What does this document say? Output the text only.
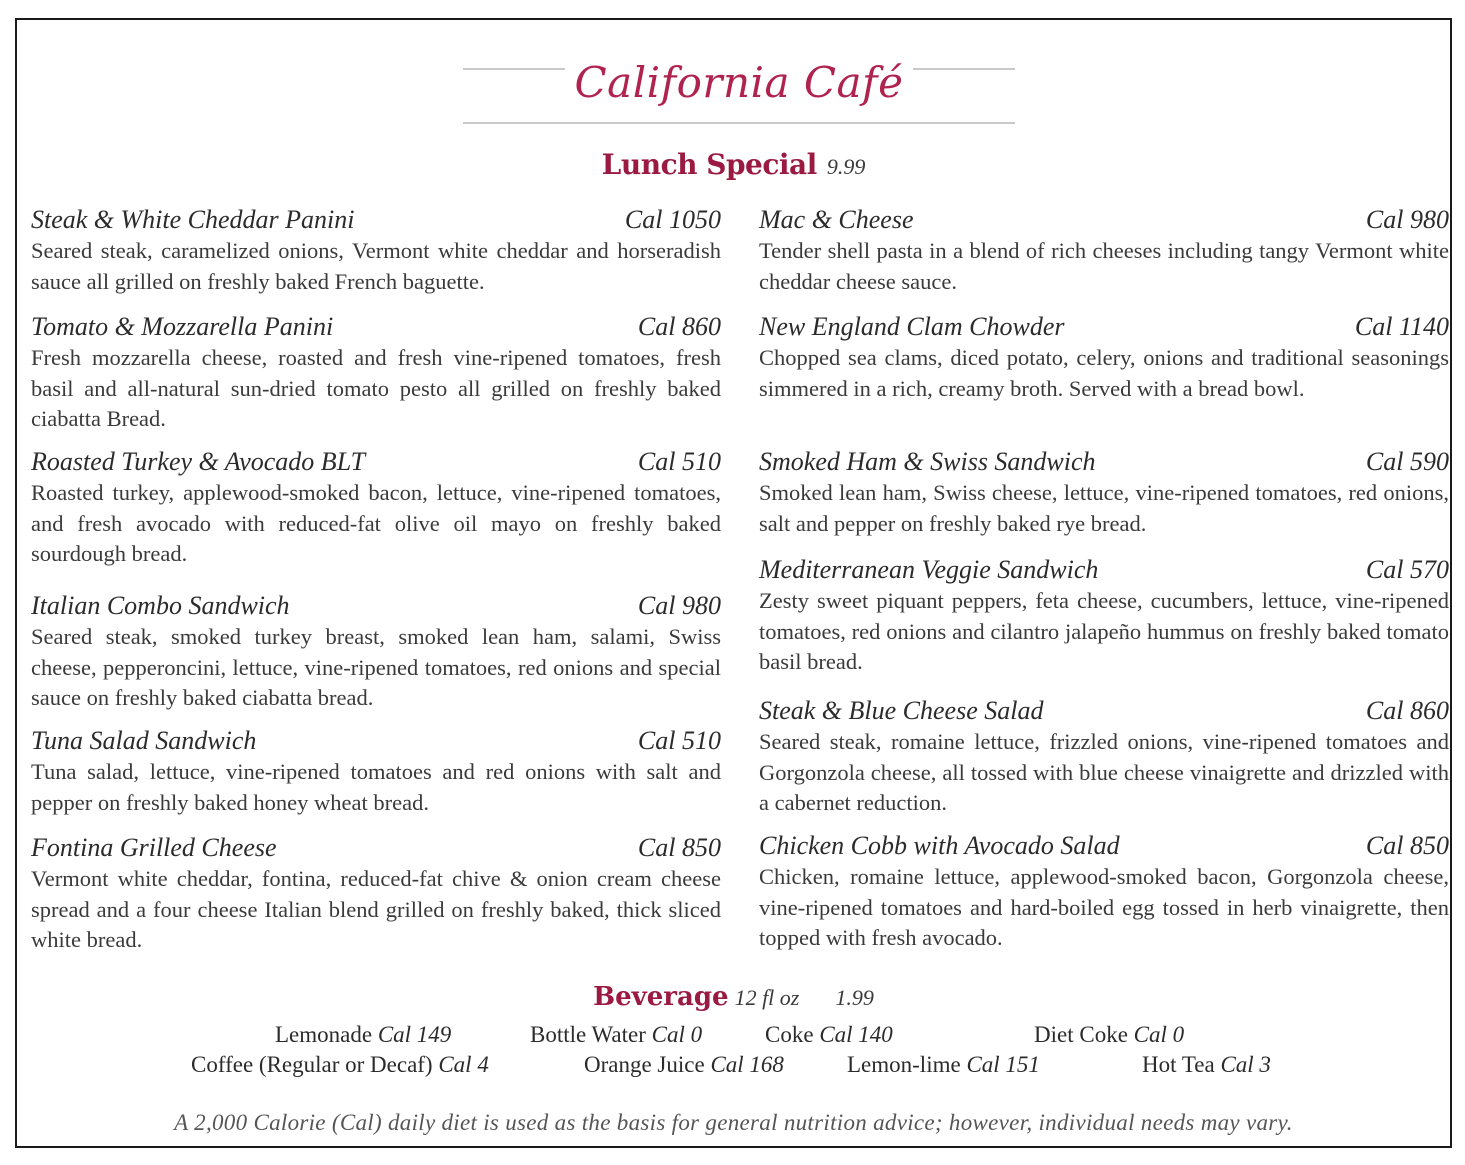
California Café
Lunch Special 9.99
Steak & White Cheddar Panini	Cal 1050
Seared steak, caramelized onions, Vermont white cheddar and horseradish sauce all grilled on freshly baked French baguette.
Tomato & Mozzarella Panini	Cal 860
Fresh mozzarella cheese, roasted and fresh vine-ripened tomatoes, fresh basil and all-natural sun-dried tomato pesto all grilled on freshly baked ciabatta Bread.
Roasted Turkey & Avocado BLT	Cal 510
Roasted turkey, applewood-smoked bacon, lettuce, vine-ripened tomatoes, and fresh avocado with reduced-fat olive oil mayo on freshly baked sourdough bread.
Italian Combo Sandwich	Cal 980
Seared steak, smoked turkey breast, smoked lean ham, salami, Swiss cheese, pepperoncini, lettuce, vine-ripened tomatoes, red onions and special sauce on freshly baked ciabatta bread.
Tuna Salad Sandwich	Cal 510
Tuna salad, lettuce, vine-ripened tomatoes and red onions with salt and pepper on freshly baked honey wheat bread.
Fontina Grilled Cheese	Cal 850
Vermont white cheddar, fontina, reduced-fat chive & onion cream cheese spread and a four cheese Italian blend grilled on freshly baked, thick sliced white bread.
Mac & Cheese	Cal 980
Tender shell pasta in a blend of rich cheeses including tangy Vermont white cheddar cheese sauce.
New England Clam Chowder	Cal 1140
Chopped sea clams, diced potato, celery, onions and traditional seasonings simmered in a rich, creamy broth. Served with a bread bowl.
Smoked Ham & Swiss Sandwich	Cal 590
Smoked lean ham, Swiss cheese, lettuce, vine-ripened tomatoes, red onions, salt and pepper on freshly baked rye bread.
Mediterranean Veggie Sandwich	Cal 570
Zesty sweet piquant peppers, feta cheese, cucumbers, lettuce, vine-ripened tomatoes, red onions and cilantro jalapeño hummus on freshly baked tomato basil bread.
Steak & Blue Cheese Salad	Cal 860
Seared steak, romaine lettuce, frizzled onions, vine-ripened tomatoes and Gorgonzola cheese, all tossed with blue cheese vinaigrette and drizzled with a cabernet reduction.
Chicken Cobb with Avocado Salad	Cal 850
Chicken, romaine lettuce, applewood-smoked bacon, Gorgonzola cheese, vine-ripened tomatoes and hard-boiled egg tossed in herb vinaigrette, then topped with fresh avocado.
Beverage 12 fl oz 1.99
Lemonade Cal 149	Bottle Water Cal 0	Coke Cal 140	Diet Coke Cal 0
Coffee (Regular or Decaf) Cal 4	Orange Juice Cal 168	Lemon-lime Cal 151	Hot Tea Cal 3
A 2,000 Calorie (Cal) daily diet is used as the basis for general nutrition advice; however, individual needs may vary.
